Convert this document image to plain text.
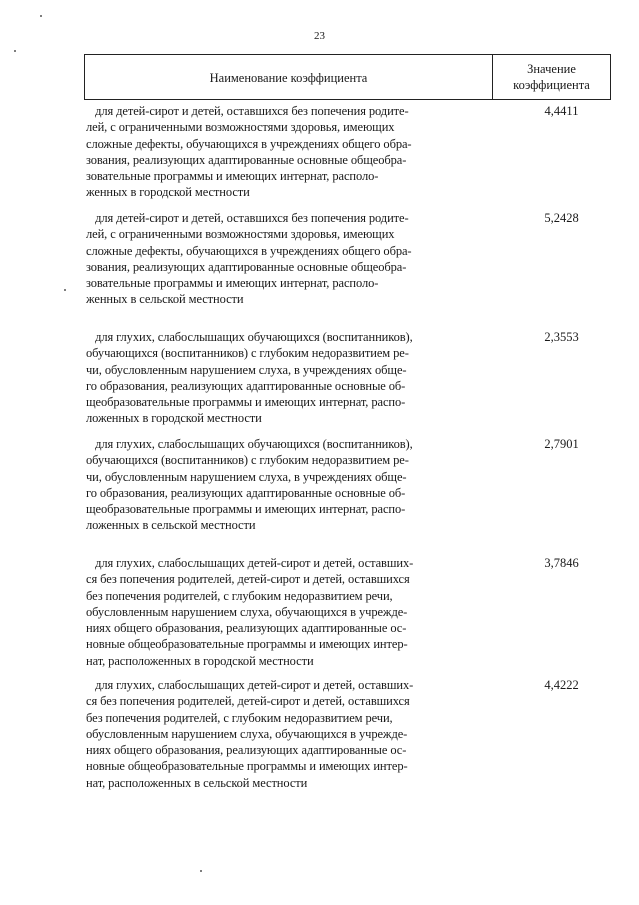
23
Наименование коэффициента
Значение
коэффициента
для детей-сирот и детей, оставшихся без попечения родите-
лей, с ограниченными возможностями здоровья, имеющих
сложные дефекты, обучающихся в учреждениях общего обра-
зования, реализующих адаптированные основные общеобра-
зовательные программы и имеющих интернат, располо-
женных в городской местности
4,4411
для детей-сирот и детей, оставшихся без попечения родите-
лей, с ограниченными возможностями здоровья, имеющих
сложные дефекты, обучающихся в учреждениях общего обра-
зования, реализующих адаптированные основные общеобра-
зовательные программы и имеющих интернат, располо-
женных в сельской местности
5,2428
для глухих, слабослышащих обучающихся (воспитанников),
обучающихся (воспитанников) с глубоким недоразвитием ре-
чи, обусловленным нарушением слуха, в учреждениях обще-
го образования, реализующих адаптированные основные об-
щеобразовательные программы и имеющих интернат, распо-
ложенных в городской местности
2,3553
для глухих, слабослышащих обучающихся (воспитанников),
обучающихся (воспитанников) с глубоким недоразвитием ре-
чи, обусловленным нарушением слуха, в учреждениях обще-
го образования, реализующих адаптированные основные об-
щеобразовательные программы и имеющих интернат, распо-
ложенных в сельской местности
2,7901
для глухих, слабослышащих детей-сирот и детей, оставших-
ся без попечения родителей, детей-сирот и детей, оставшихся
без попечения родителей, с глубоким недоразвитием речи,
обусловленным нарушением слуха, обучающихся в учрежде-
ниях общего образования, реализующих адаптированные ос-
новные общеобразовательные программы и имеющих интер-
нат, расположенных в городской местности
3,7846
для глухих, слабослышащих детей-сирот и детей, оставших-
ся без попечения родителей, детей-сирот и детей, оставшихся
без попечения родителей, с глубоким недоразвитием речи,
обусловленным нарушением слуха, обучающихся в учрежде-
ниях общего образования, реализующих адаптированные ос-
новные общеобразовательные программы и имеющих интер-
нат, расположенных в сельской местности
4,4222
